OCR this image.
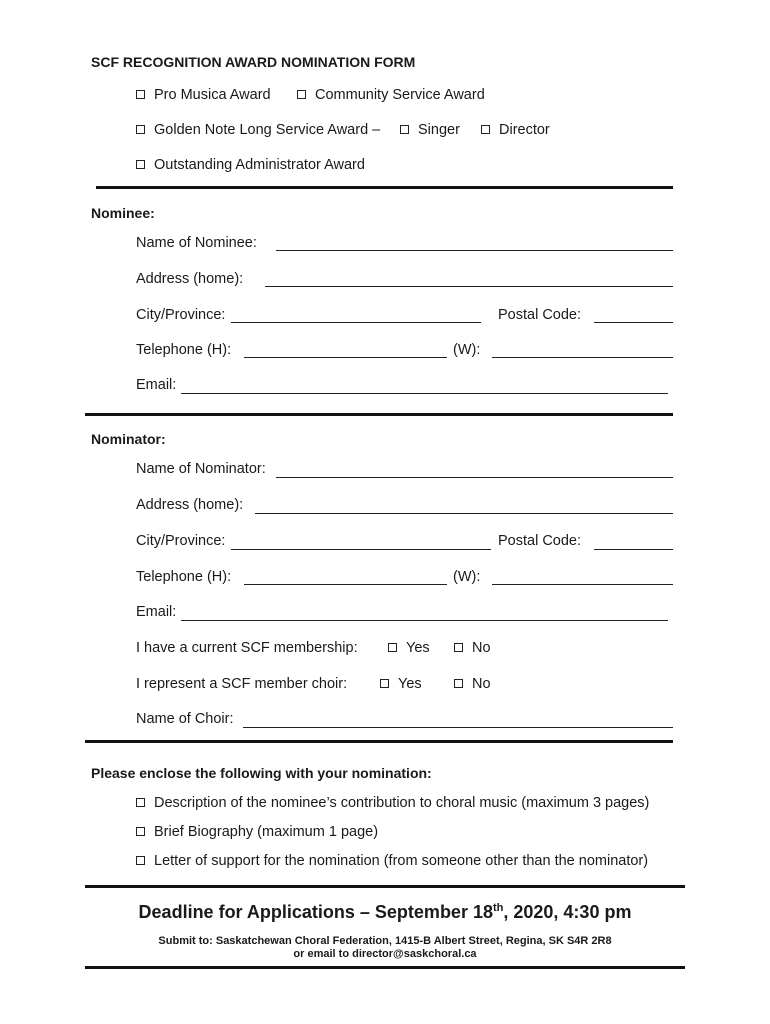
SCF RECOGNITION AWARD NOMINATION FORM
Pro Musica Award	Community Service Award
Golden Note Long Service Award –	Singer	Director
Outstanding Administrator Award
Nominee:
Name of Nominee:
Address (home):
City/Province:	Postal Code:
Telephone (H):	(W):
Email:
Nominator:
Name of Nominator:
Address (home):
City/Province:	Postal Code:
Telephone (H):	(W):
Email:
I have a current SCF membership:	Yes	No
I represent a SCF member choir:	Yes	No
Name of Choir:
Please enclose the following with your nomination:
Description of the nominee’s contribution to choral music (maximum 3 pages)
Brief Biography (maximum 1 page)
Letter of support for the nomination (from someone other than the nominator)
Deadline for Applications – September 18th, 2020, 4:30 pm
Submit to: Saskatchewan Choral Federation, 1415-B Albert Street, Regina, SK S4R 2R8
or email to director@saskchoral.ca
